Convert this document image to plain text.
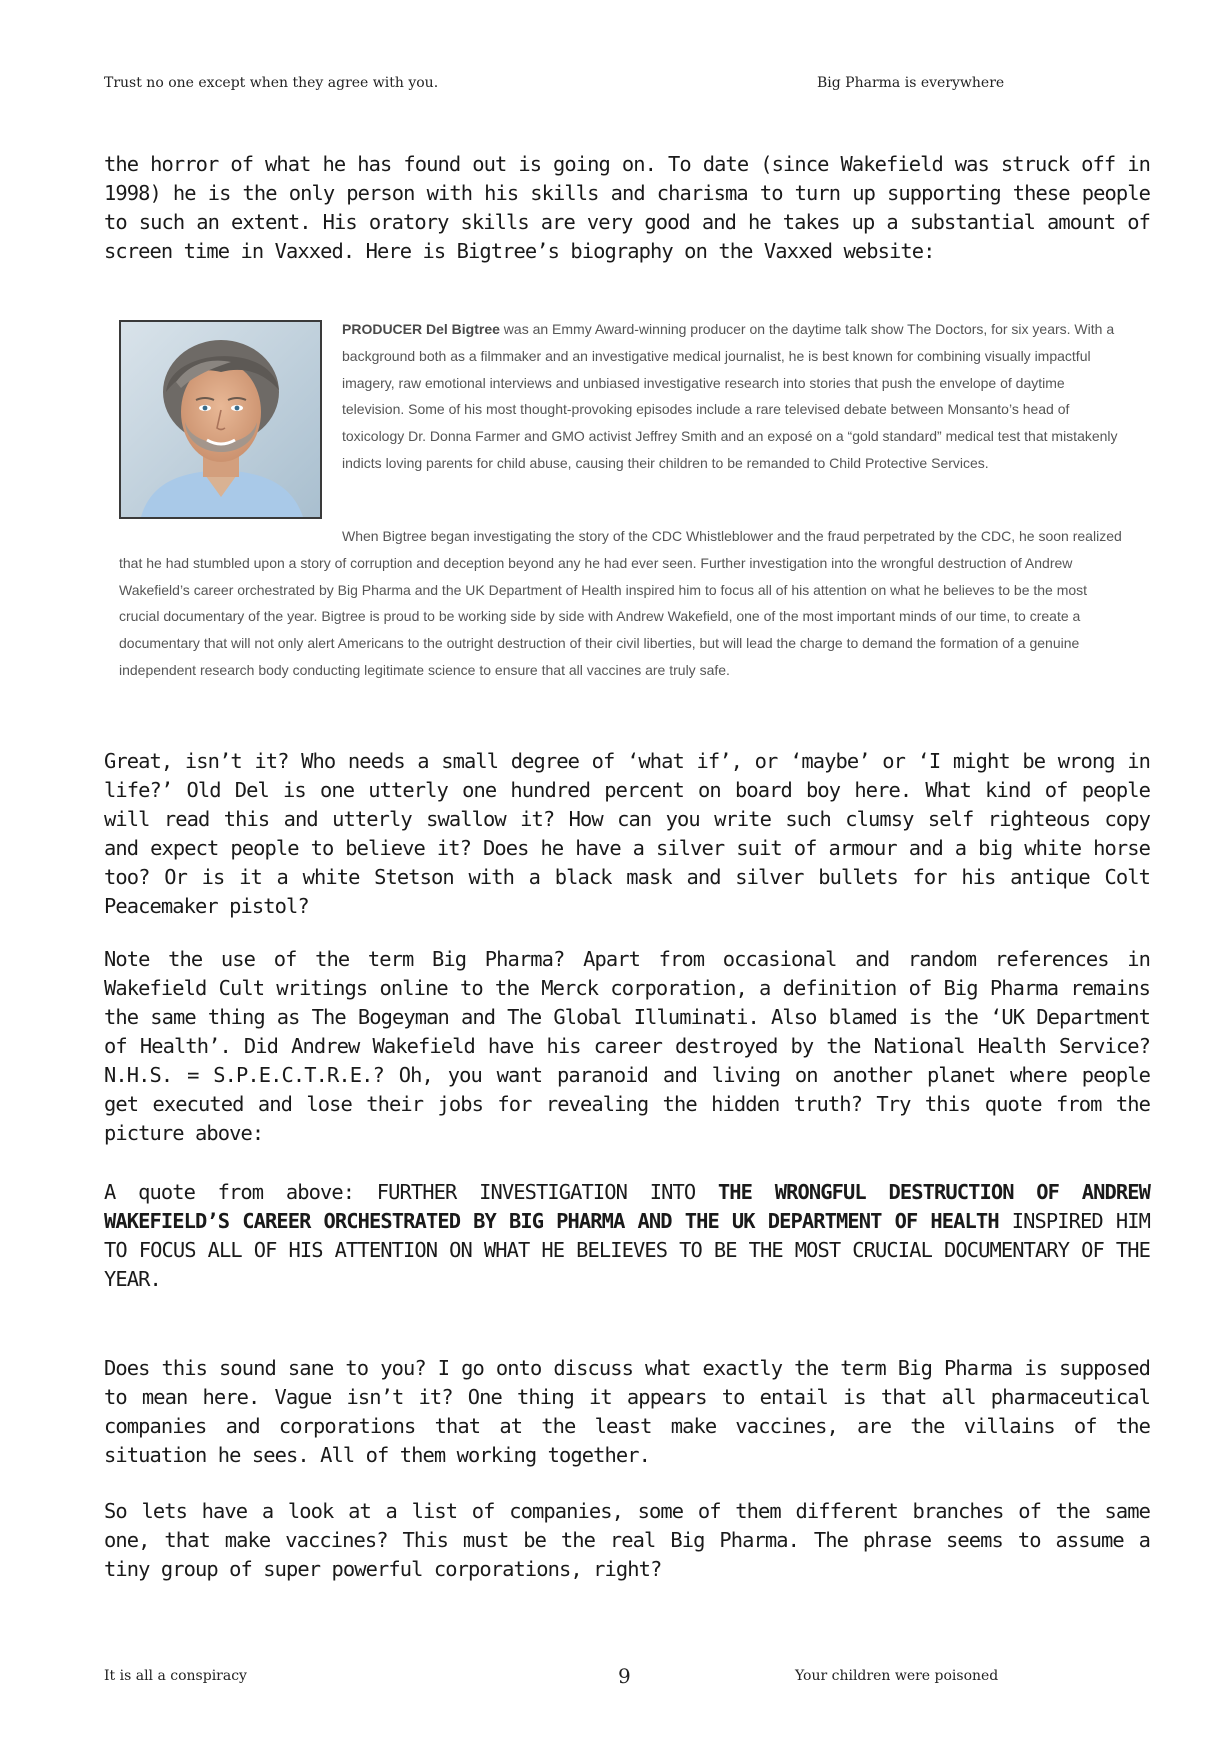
Trust no one except when they agree with you.	Big Pharma is everywhere

the horror of what he has found out is going on. To date (since Wakefield was struck off in 1998) he is the only person with his skills and charisma to turn up supporting these people to such an extent. His oratory skills are very good and he takes up a substantial amount of screen time in Vaxxed. Here is Bigtree’s biography on the Vaxxed website:

PRODUCER Del Bigtree was an Emmy Award-winning producer on the daytime talk show The Doctors, for six years. With a background both as a filmmaker and an investigative medical journalist, he is best known for combining visually impactful imagery, raw emotional interviews and unbiased investigative research into stories that push the envelope of daytime television. Some of his most thought-provoking episodes include a rare televised debate between Monsanto’s head of toxicology Dr. Donna Farmer and GMO activist Jeffrey Smith and an exposé on a “gold standard” medical test that mistakenly indicts loving parents for child abuse, causing their children to be remanded to Child Protective Services.

When Bigtree began investigating the story of the CDC Whistleblower and the fraud perpetrated by the CDC, he soon realized that he had stumbled upon a story of corruption and deception beyond any he had ever seen. Further investigation into the wrongful destruction of Andrew Wakefield’s career orchestrated by Big Pharma and the UK Department of Health inspired him to focus all of his attention on what he believes to be the most crucial documentary of the year. Bigtree is proud to be working side by side with Andrew Wakefield, one of the most important minds of our time, to create a documentary that will not only alert Americans to the outright destruction of their civil liberties, but will lead the charge to demand the formation of a genuine independent research body conducting legitimate science to ensure that all vaccines are truly safe.

Great, isn’t it? Who needs a small degree of ‘what if’, or ‘maybe’ or ‘I might be wrong in life?’ Old Del is one utterly one hundred percent on board boy here. What kind of people will read this and utterly swallow it? How can you write such clumsy self righteous copy and expect people to believe it? Does he have a silver suit of armour and a big white horse too? Or is it a white Stetson with a black mask and silver bullets for his antique Colt Peacemaker pistol?

Note the use of the term Big Pharma? Apart from occasional and random references in Wakefield Cult writings online to the Merck corporation, a definition of Big Pharma remains the same thing as The Bogeyman and The Global Illuminati. Also blamed is the ‘UK Department of Health’. Did Andrew Wakefield have his career destroyed by the National Health Service? N.H.S. = S.P.E.C.T.R.E.? Oh, you want paranoid and living on another planet where people get executed and lose their jobs for revealing the hidden truth? Try this quote from the picture above:

A quote from above: FURTHER INVESTIGATION INTO THE WRONGFUL DESTRUCTION OF ANDREW WAKEFIELD’S CAREER ORCHESTRATED BY BIG PHARMA AND THE UK DEPARTMENT OF HEALTH INSPIRED HIM TO FOCUS ALL OF HIS ATTENTION ON WHAT HE BELIEVES TO BE THE MOST CRUCIAL DOCUMENTARY OF THE YEAR.

Does this sound sane to you? I go onto discuss what exactly the term Big Pharma is supposed to mean here. Vague isn’t it? One thing it appears to entail is that all pharmaceutical companies and corporations that at the least make vaccines, are the villains of the situation he sees. All of them working together.

So lets have a look at a list of companies, some of them different branches of the same one, that make vaccines? This must be the real Big Pharma. The phrase seems to assume a tiny group of super powerful corporations, right?

It is all a conspiracy	9	Your children were poisoned
